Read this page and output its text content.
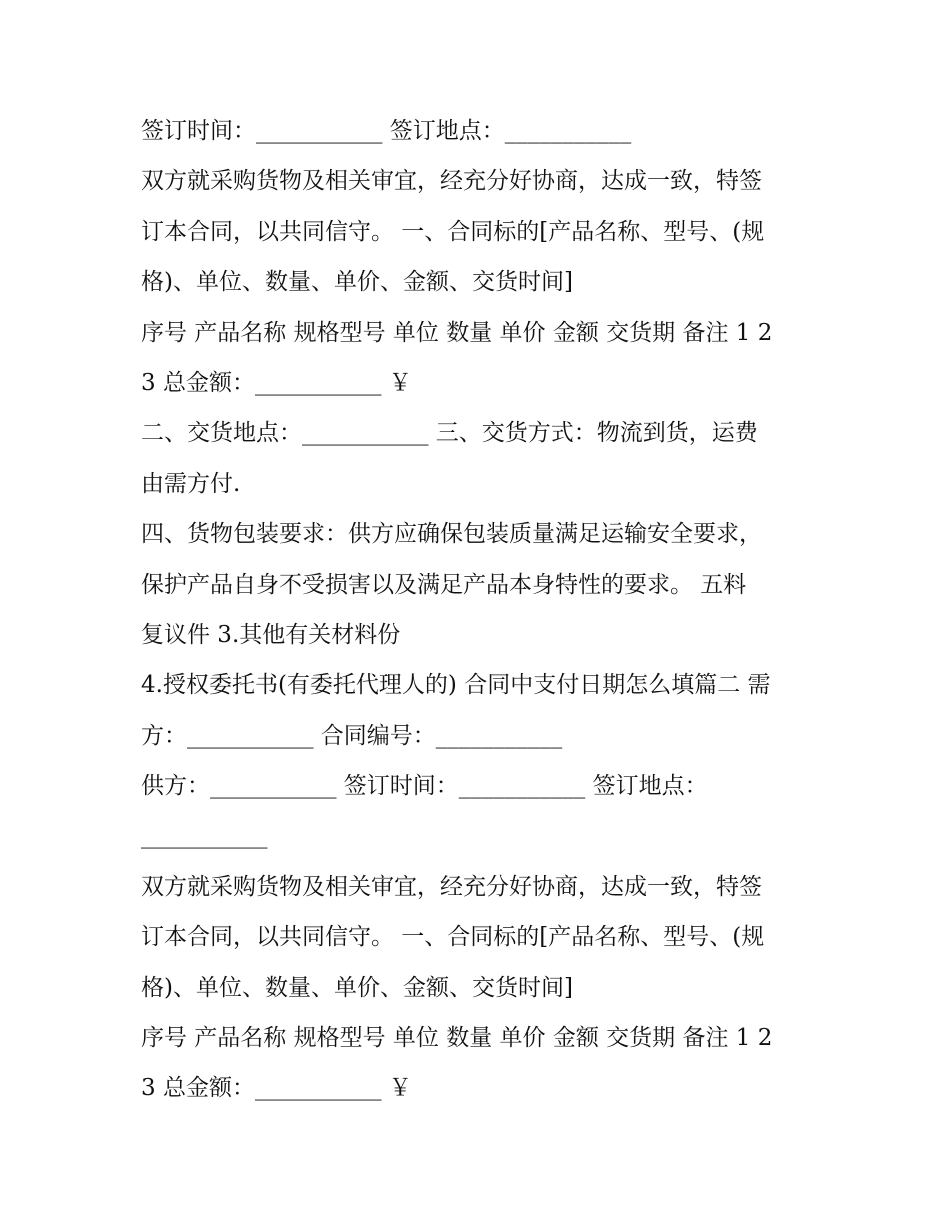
签订时间：___________ 签订地点：___________
双方就采购货物及相关审宜，经充分好协商，达成一致，特签
订本合同，以共同信守。 一、合同标的[产品名称、型号、(规
格)、单位、数量、单价、金额、交货时间]
序号 产品名称 规格型号 单位 数量 单价 金额 交货期 备注 1 2
3 总金额：___________ ￥
二、交货地点：___________ 三、交货方式：物流到货，运费
由需方付.
四、货物包装要求：供方应确保包装质量满足运输安全要求，
保护产品自身不受损害以及满足产品本身特性的要求。 五料
复议件 3.其他有关材料份
4.授权委托书(有委托代理人的) 合同中支付日期怎么填篇二 需
方：___________ 合同编号：___________
供方：___________ 签订时间：___________ 签订地点：
___________
双方就采购货物及相关审宜，经充分好协商，达成一致，特签
订本合同，以共同信守。 一、合同标的[产品名称、型号、(规
格)、单位、数量、单价、金额、交货时间]
序号 产品名称 规格型号 单位 数量 单价 金额 交货期 备注 1 2
3 总金额：___________ ￥
